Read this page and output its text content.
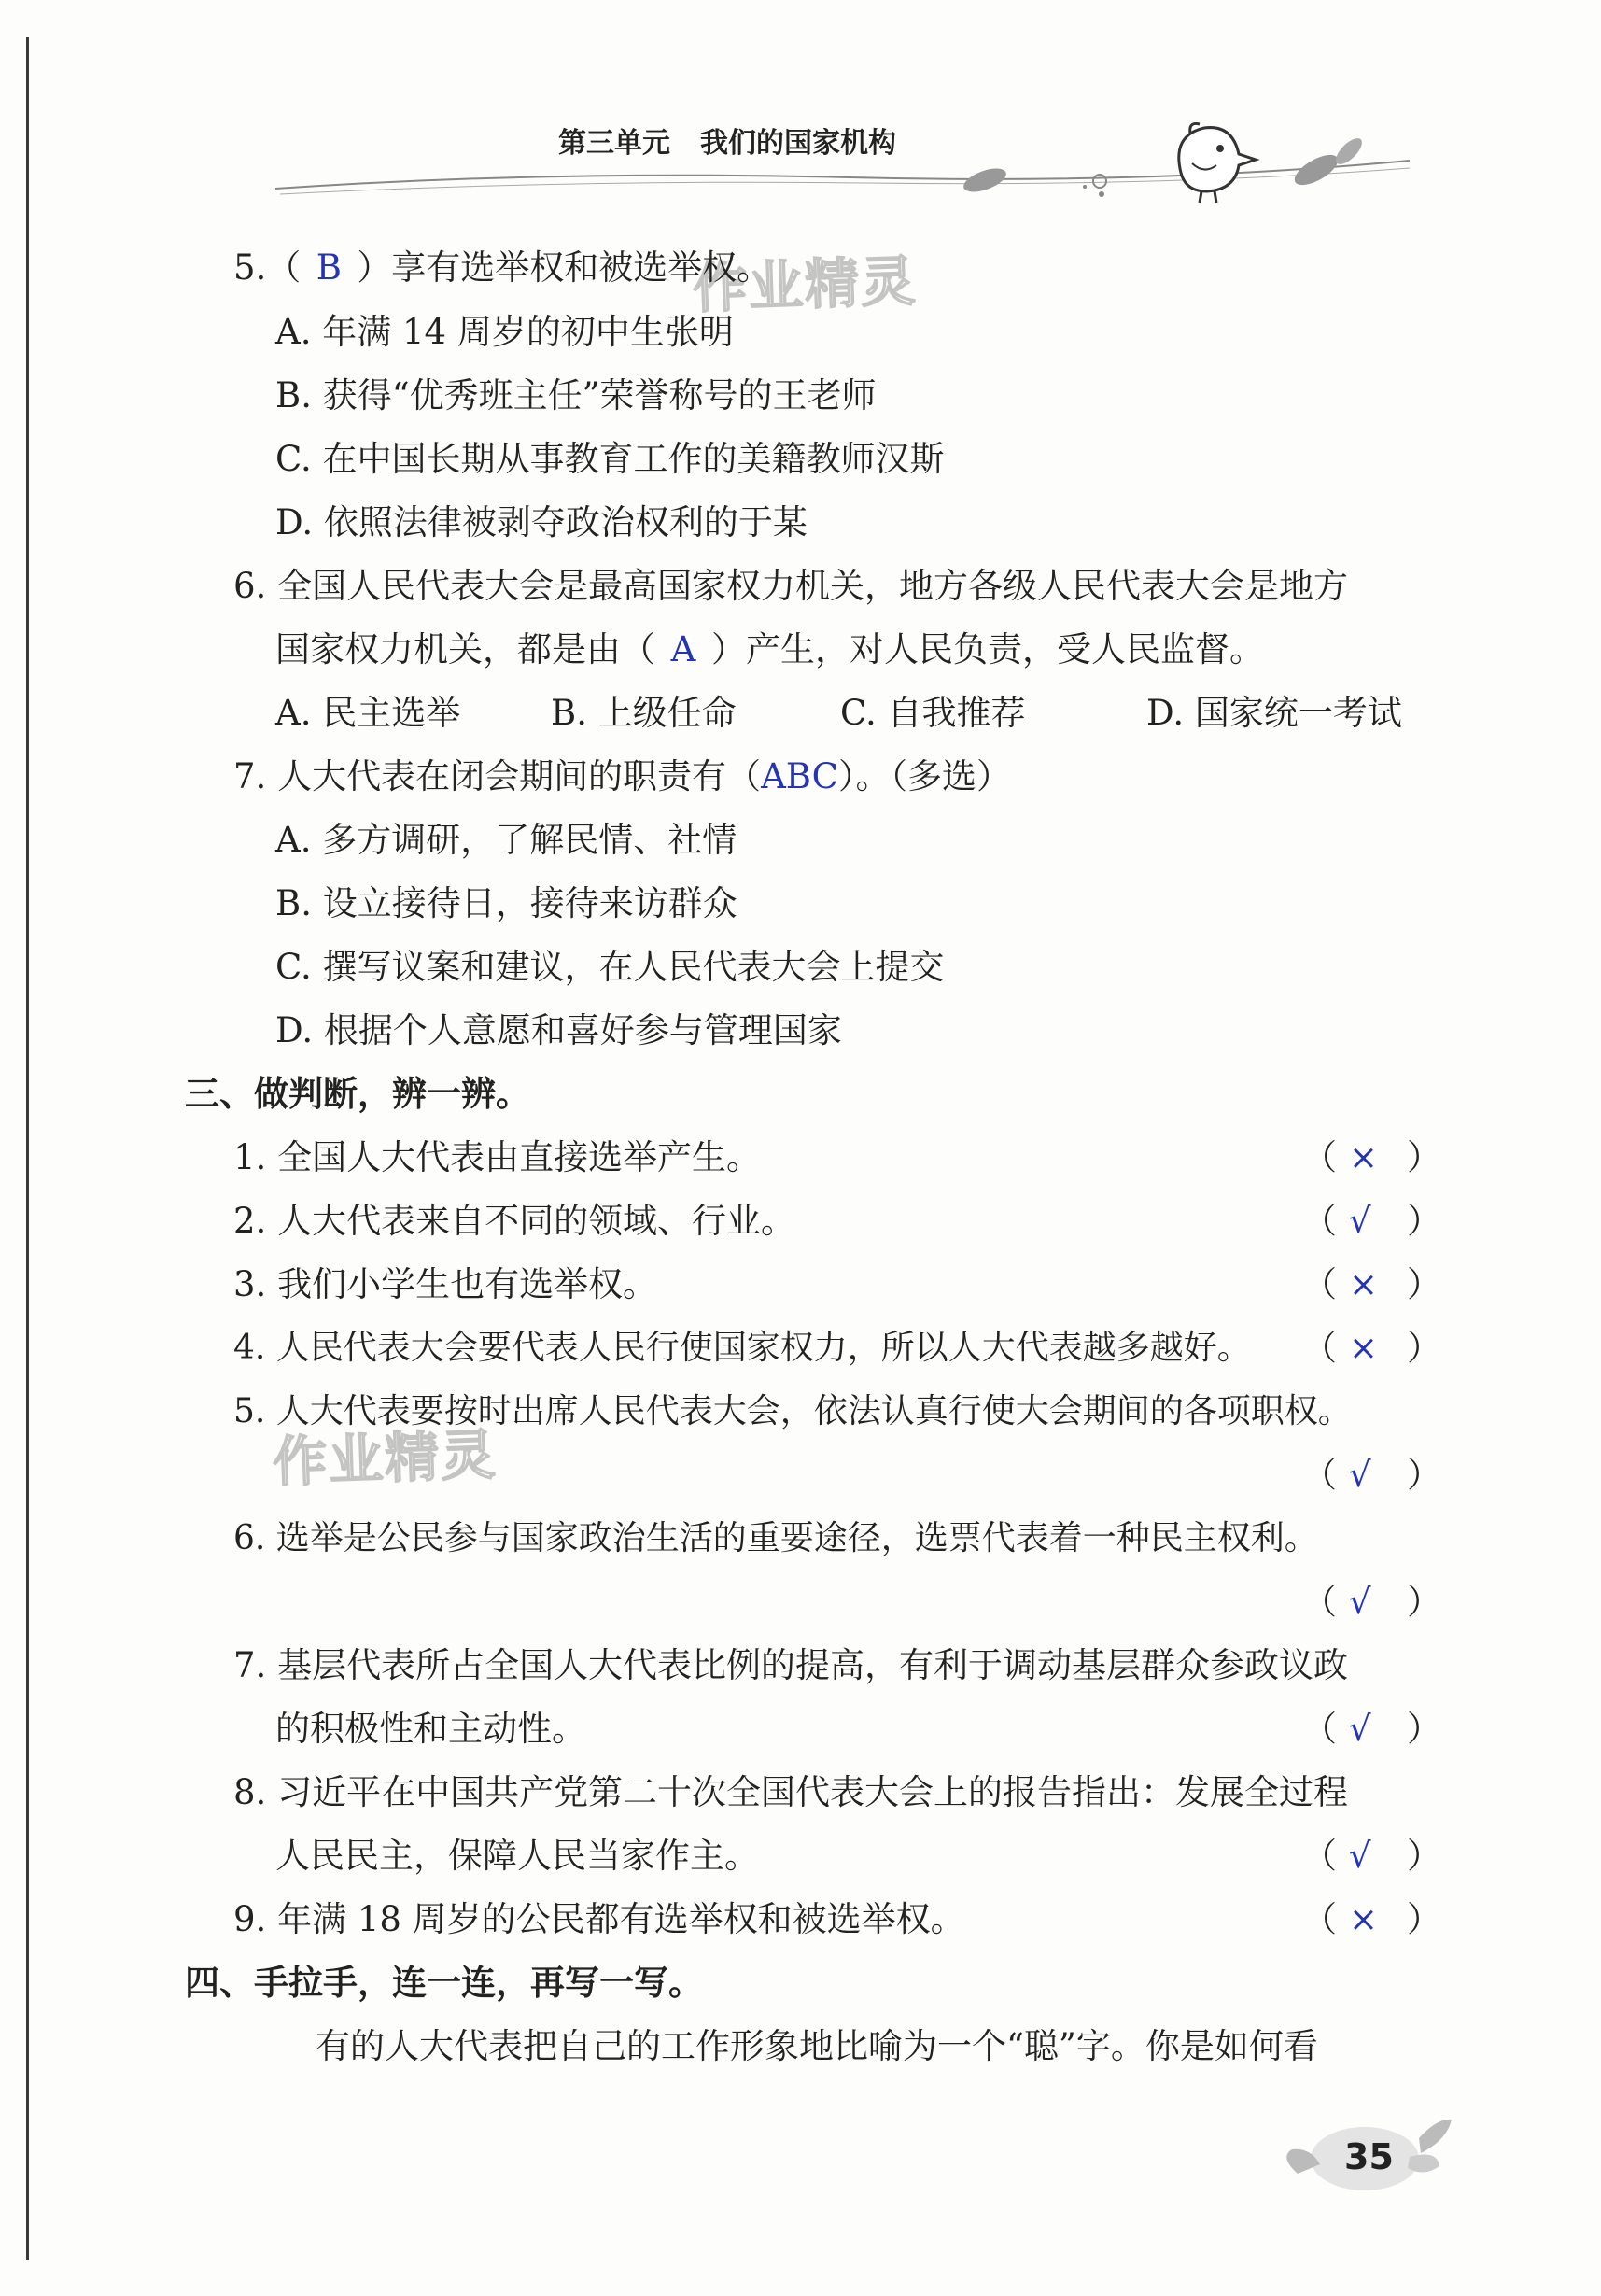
第三单元 我们的国家机构
作业精灵
作业精灵
5.（ B ）享有选举权和被选举权。
A. 年满 14 周岁的初中生张明
B. 获得“优秀班主任”荣誉称号的王老师
C. 在中国长期从事教育工作的美籍教师汉斯
D. 依照法律被剥夺政治权利的于某
6. 全国人民代表大会是最高国家权力机关，地方各级人民代表大会是地方
国家权力机关，都是由（ A ）产生，对人民负责，受人民监督。
A. 民主选举	B. 上级任命	C. 自我推荐	D. 国家统一考试
7. 人大代表在闭会期间的职责有（ABC）。（多选）
A. 多方调研，了解民情、社情
B. 设立接待日，接待来访群众
C. 撰写议案和建议，在人民代表大会上提交
D. 根据个人意愿和喜好参与管理国家
三、做判断，辨一辨。
1. 全国人大代表由直接选举产生。	（ × ）
2. 人大代表来自不同的领域、行业。	（ √ ）
3. 我们小学生也有选举权。	（ × ）
4. 人民代表大会要代表人民行使国家权力，所以人大代表越多越好。 （ × ）
5. 人大代表要按时出席人民代表大会，依法认真行使大会期间的各项职权。
（ √ ）
6. 选举是公民参与国家政治生活的重要途径，选票代表着一种民主权利。
（ √ ）
7. 基层代表所占全国人大代表比例的提高，有利于调动基层群众参政议政
的积极性和主动性。	（ √ ）
8. 习近平在中国共产党第二十次全国代表大会上的报告指出：发展全过程
人民民主，保障人民当家作主。	（ √ ）
9. 年满 18 周岁的公民都有选举权和被选举权。	（ × ）
四、手拉手，连一连，再写一写。
有的人大代表把自己的工作形象地比喻为一个“聪”字。你是如何看
35
